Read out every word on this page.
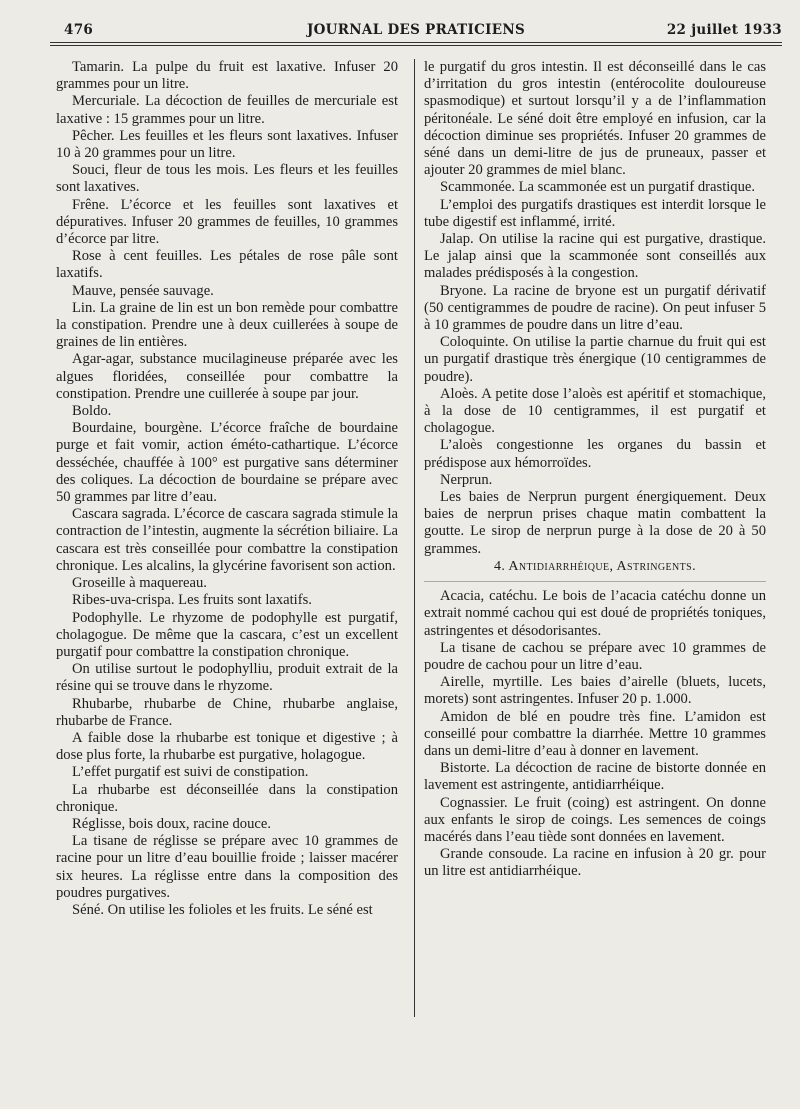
476	JOURNAL DES PRATICIENS	22 juillet 1933

Tamarin. La pulpe du fruit est laxative. Infuser 20 grammes pour un litre.

Mercuriale. La décoction de feuilles de mercuriale est laxative : 15 grammes pour un litre.

Pêcher. Les feuilles et les fleurs sont laxatives. Infuser 10 à 20 grammes pour un litre.

Souci, fleur de tous les mois. Les fleurs et les feuilles sont laxatives.

Frêne. L’écorce et les feuilles sont laxatives et dépuratives. Infuser 20 grammes de feuilles, 10 grammes d’écorce par litre.

Rose à cent feuilles. Les pétales de rose pâle sont laxatifs.

Mauve, pensée sauvage.

Lin. La graine de lin est un bon remède pour combattre la constipation. Prendre une à deux cuillerées à soupe de graines de lin entières.

Agar-agar, substance mucilagineuse préparée avec les algues floridées, conseillée pour combattre la constipation. Prendre une cuillerée à soupe par jour.

Boldo.

Bourdaine, bourgène. L’écorce fraîche de bourdaine purge et fait vomir, action éméto-cathartique. L’écorce desséchée, chauffée à 100° est purgative sans déterminer des coliques. La décoction de bourdaine se prépare avec 50 grammes par litre d’eau.

Cascara sagrada. L’écorce de cascara sagrada stimule la contraction de l’intestin, augmente la sécrétion biliaire. La cascara est très conseillée pour combattre la constipation chronique. Les alcalins, la glycérine favorisent son action.

Groseille à maquereau.

Ribes-uva-crispa. Les fruits sont laxatifs.

Podophylle. Le rhyzome de podophylle est purgatif, cholagogue. De même que la cascara, c’est un excellent purgatif pour combattre la constipation chronique.

On utilise surtout le podophylliu, produit extrait de la résine qui se trouve dans le rhyzome.

Rhubarbe, rhubarbe de Chine, rhubarbe anglaise, rhubarbe de France.

A faible dose la rhubarbe est tonique et digestive ; à dose plus forte, la rhubarbe est purgative, holagogue.

L’effet purgatif est suivi de constipation.

La rhubarbe est déconseillée dans la constipation chronique.

Réglisse, bois doux, racine douce.

La tisane de réglisse se prépare avec 10 grammes de racine pour un litre d’eau bouillie froide ; laisser macérer six heures. La réglisse entre dans la composition des poudres purgatives.

Séné. On utilise les folioles et les fruits. Le séné est

le purgatif du gros intestin. Il est déconseillé dans le cas d’irritation du gros intestin (entérocolite douloureuse spasmodique) et surtout lorsqu’il y a de l’inflammation péritonéale. Le séné doit être employé en infusion, car la décoction diminue ses propriétés. Infuser 20 grammes de séné dans un demi-litre de jus de pruneaux, passer et ajouter 20 grammes de miel blanc.

Scammonée. La scammonée est un purgatif drastique.

L’emploi des purgatifs drastiques est interdit lorsque le tube digestif est inflammé, irrité.

Jalap. On utilise la racine qui est purgative, drastique. Le jalap ainsi que la scammonée sont conseillés aux malades prédisposés à la congestion.

Bryone. La racine de bryone est un purgatif dérivatif (50 centigrammes de poudre de racine). On peut infuser 5 à 10 grammes de poudre dans un litre d’eau.

Coloquinte. On utilise la partie charnue du fruit qui est un purgatif drastique très énergique (10 centigrammes de poudre).

Aloès. A petite dose l’aloès est apéritif et stomachique, à la dose de 10 centigrammes, il est purgatif et cholagogue.

L’aloès congestionne les organes du bassin et prédispose aux hémorroïdes.

Nerprun.

Les baies de Nerprun purgent énergiquement. Deux baies de nerprun prises chaque matin combattent la goutte. Le sirop de nerprun purge à la dose de 20 à 50 grammes.

4. Antidiarrhéique, Astringents.

Acacia, catéchu. Le bois de l’acacia catéchu donne un extrait nommé cachou qui est doué de propriétés toniques, astringentes et désodorisantes.

La tisane de cachou se prépare avec 10 grammes de poudre de cachou pour un litre d’eau.

Airelle, myrtille. Les baies d’airelle (bluets, lucets, morets) sont astringentes. Infuser 20 p. 1.000.

Amidon de blé en poudre très fine. L’amidon est conseillé pour combattre la diarrhée. Mettre 10 grammes dans un demi-litre d’eau à donner en lavement.

Bistorte. La décoction de racine de bistorte donnée en lavement est astringente, antidiarrhéique.

Cognassier. Le fruit (coing) est astringent. On donne aux enfants le sirop de coings. Les semences de coings macérés dans l’eau tiède sont données en lavement.

Grande consoude. La racine en infusion à 20 gr. pour un litre est antidiarrhéique.
